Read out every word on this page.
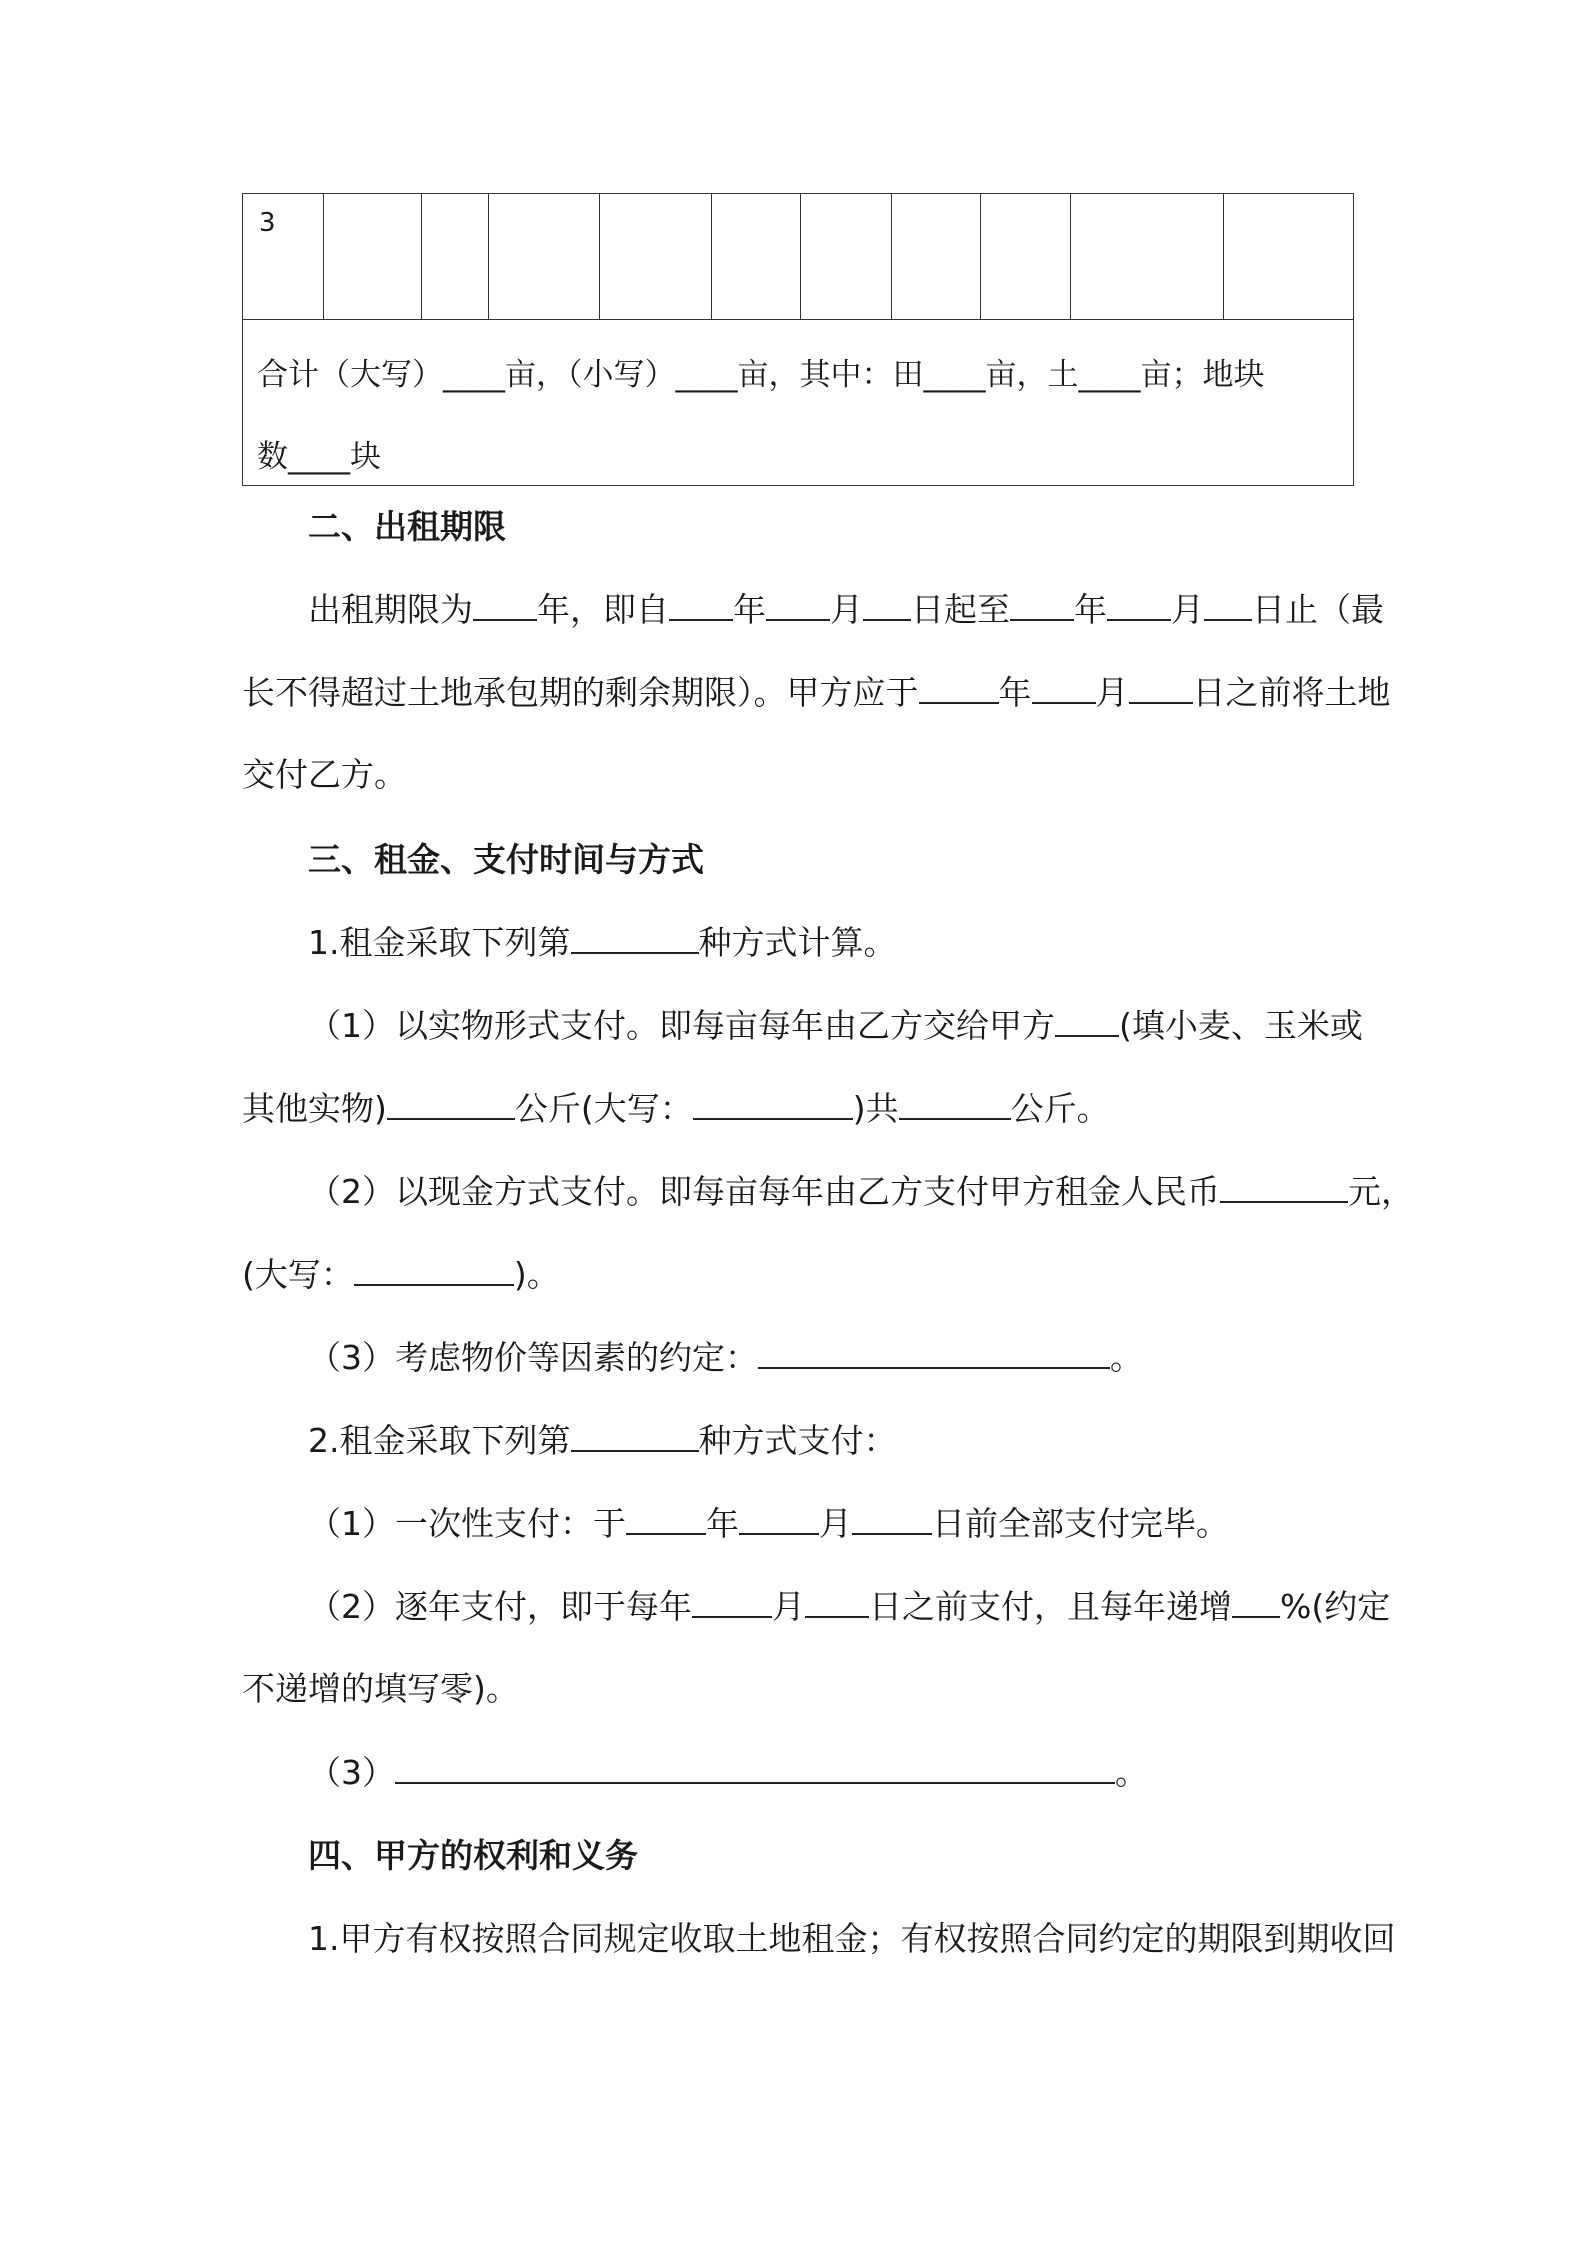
3
合计（大写）____亩，（小写）____亩，其中：田____亩，土____亩；地块
数____块
二、出租期限
出租期限为 年，即自 年 月 日起至 年 月 日止（最
长不得超过土地承包期的剩余期限）。甲方应于 年 月 日之前将土地
交付乙方。
三、租金、支付时间与方式
1.租金采取下列第	种方式计算。
（1）以实物形式支付。即每亩每年由乙方交给甲方 (填小麦、玉米或
其他实物)	公斤(大写：	)共	公斤。
（2）以现金方式支付。即每亩每年由乙方支付甲方租金人民币	元，
(大写：	)。
（3）考虑物价等因素的约定：	。
2.租金采取下列第	种方式支付：
（1）一次性支付：于 年 月 日前全部支付完毕。
（2）逐年支付，即于每年 月 日之前支付，且每年递增 %(约定
不递增的填写零)。
（3）	。
四、甲方的权利和义务
1.甲方有权按照合同规定收取土地租金；有权按照合同约定的期限到期收回
